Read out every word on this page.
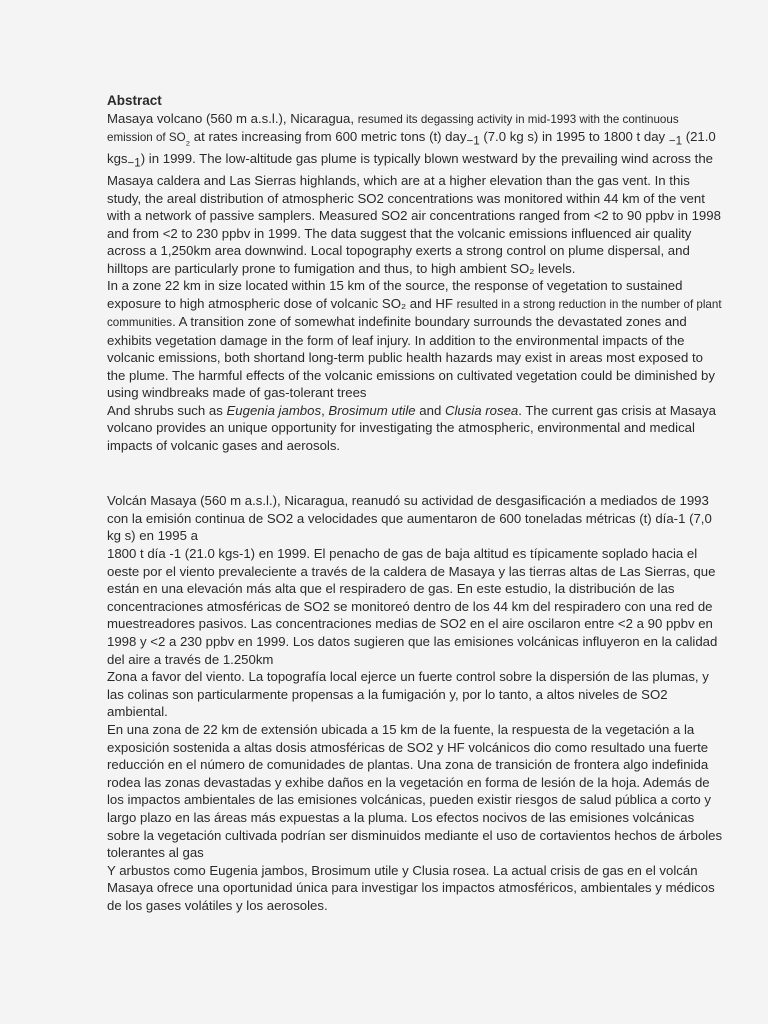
Abstract

Masaya volcano (560 m a.s.l.), Nicaragua, resumed its degassing activity in mid-1993 with the continuous emission of $SO_{_2}$ at rates increasing from 600 metric tons (t) day$_{-1}$ (7.0 kg s) in 1995 to 1800 t day $_{-1}$ (21.0 kgs$_{-1}$) in 1999. The low-altitude gas plume is typically blown westward by the prevailing wind across the Masaya caldera and Las Sierras highlands, which are at a higher elevation than the gas vent. In this study, the areal distribution of atmospheric SO2 concentrations was monitored within 44 km of the vent with a network of passive samplers. Measured SO2 air concentrations ranged from <2 to 90 ppbv in 1998 and from <2 to 230 ppbv in 1999. The data suggest that the volcanic emissions influenced air quality across a 1,250km area downwind. Local topography exerts a strong control on plume dispersal, and hilltops are particularly prone to fumigation and thus, to high ambient SO₂ levels.

In a zone 22 km in size located within 15 km of the source, the response of vegetation to sustained exposure to high atmospheric dose of volcanic SO₂ and HF resulted in a strong reduction in the number of plant communities. A transition zone of somewhat indefinite boundary surrounds the devastated zones and exhibits vegetation damage in the form of leaf injury. In addition to the environmental impacts of the volcanic emissions, both shortand long-term public health hazards may exist in areas most exposed to the plume. The harmful effects of the volcanic emissions on cultivated vegetation could be diminished by using windbreaks made of gas-tolerant trees

And shrubs such as Eugenia jambos, Brosimum utile and Clusia rosea. The current gas crisis at Masaya volcano provides an unique opportunity for investigating the atmospheric, environmental and medical impacts of volcanic gases and aerosols.

Volcán Masaya (560 m a.s.l.), Nicaragua, reanudó su actividad de desgasificación a mediados de 1993 con la emisión continua de SO2 a velocidades que aumentaron de 600 toneladas métricas (t) día-1 (7,0 kg s) en 1995 a

1800 t día -1 (21.0 kgs-1) en 1999. El penacho de gas de baja altitud es típicamente soplado hacia el oeste por el viento prevaleciente a través de la caldera de Masaya y las tierras altas de Las Sierras, que están en una elevación más alta que el respiradero de gas. En este estudio, la distribución de las concentraciones atmosféricas de SO2 se monitoreó dentro de los 44 km del respiradero con una red de muestreadores pasivos. Las concentraciones medias de SO2 en el aire oscilaron entre <2 a 90 ppbv en 1998 y <2 a 230 ppbv en 1999. Los datos sugieren que las emisiones volcánicas influyeron en la calidad del aire a través de 1.250km

Zona a favor del viento. La topografía local ejerce un fuerte control sobre la dispersión de las plumas, y las colinas son particularmente propensas a la fumigación y, por lo tanto, a altos niveles de SO2 ambiental.

En una zona de 22 km de extensión ubicada a 15 km de la fuente, la respuesta de la vegetación a la exposición sostenida a altas dosis atmosféricas de SO2 y HF volcánicos dio como resultado una fuerte reducción en el número de comunidades de plantas. Una zona de transición de frontera algo indefinida rodea las zonas devastadas y exhibe daños en la vegetación en forma de lesión de la hoja. Además de los impactos ambientales de las emisiones volcánicas, pueden existir riesgos de salud pública a corto y largo plazo en las áreas más expuestas a la pluma. Los efectos nocivos de las emisiones volcánicas sobre la vegetación cultivada podrían ser disminuidos mediante el uso de cortavientos hechos de árboles tolerantes al gas

Y arbustos como Eugenia jambos, Brosimum utile y Clusia rosea. La actual crisis de gas en el volcán Masaya ofrece una oportunidad única para investigar los impactos atmosféricos, ambientales y médicos de los gases volátiles y los aerosoles.
